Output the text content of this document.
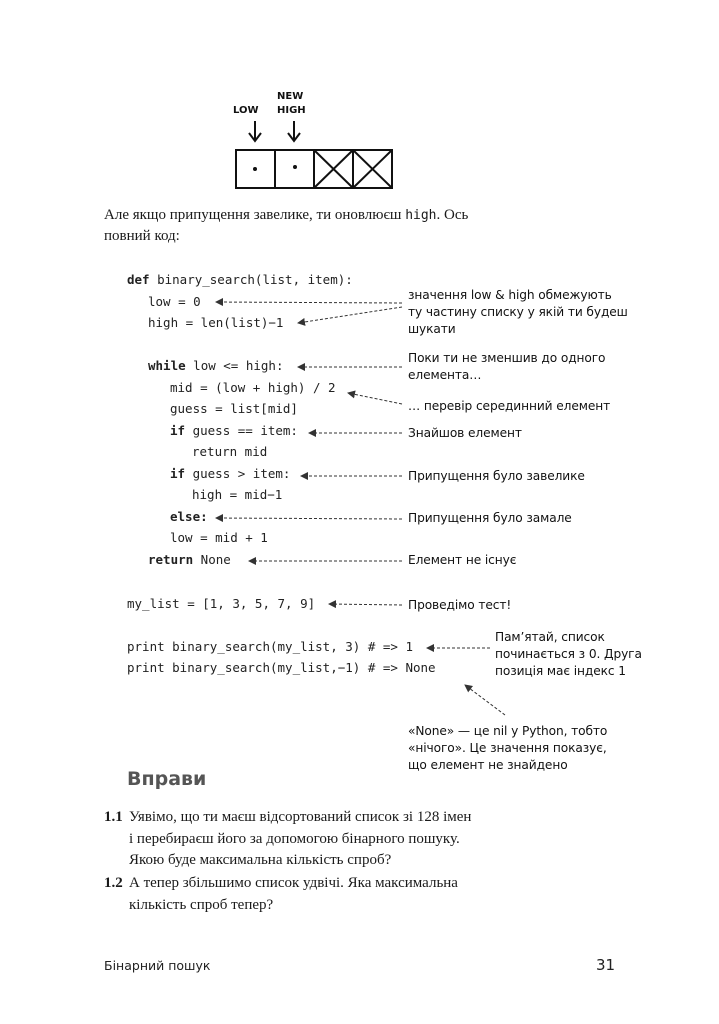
LOW
NEW
HIGH
Але якщо припущення завелике, ти оновлюєш high. Ось
повний код:
def binary_search(list, item):
low = 0
high = len(list)−1
while low <= high:
mid = (low + high) / 2
guess = list[mid]
if guess == item:
return mid
if guess > item:
high = mid−1
else:
low = mid + 1
return None
my_list = [1, 3, 5, 7, 9]
print binary_search(my_list, 3) # => 1
print binary_search(my_list,−1) # => None
значення low & high обмежують
ту частину списку у якій ти будеш
шукати
Поки ти не зменшив до одного
елемента…
… перевір серединний елемент
Знайшов елемент
Припущення було завелике
Припущення було замале
Елемент не існує
Проведімо тест!
Пам’ятай, список
починається з 0. Друга
позиція має індекс 1
«None» — це nil у Python, тобто
«нічого». Це значення показує,
що елемент не знайдено
Вправи
1.1 Уявімо, що ти маєш відсортований список зі 128 імен
і перебираєш його за допомогою бінарного пошуку.
Якою буде максимальна кількість спроб?
1.2 А тепер збільшимо список удвічі. Яка максимальна
кількість спроб тепер?
Бінарний пошук	31
